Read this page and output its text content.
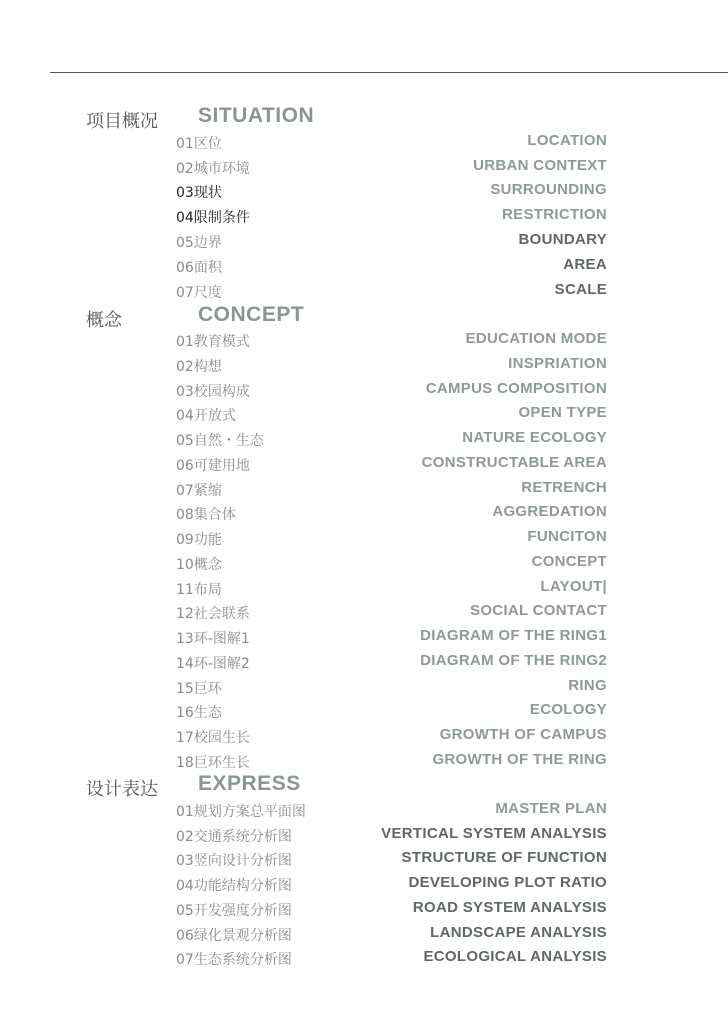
项目概况 SITUATION
01区位	LOCATION
02城市环境	URBAN CONTEXT
03现状	SURROUNDING
04限制条件	RESTRICTION
05边界	BOUNDARY
06面积	AREA
07尺度	SCALE
概念	CONCEPT
01教育模式	EDUCATION MODE
02构想	INSPRIATION
03校园构成	CAMPUS COMPOSITION
04开放式	OPEN TYPE
05自然・生态	NATURE ECOLOGY
06可建用地	CONSTRUCTABLE AREA
07紧缩	RETRENCH
08集合体	AGGREDATION
09功能	FUNCITON
10概念	CONCEPT
11布局	LAYOUT|
12社会联系	SOCIAL CONTACT
13环-图解1	DIAGRAM OF THE RING1
14环-图解2	DIAGRAM OF THE RING2
15巨环	RING
16生态	ECOLOGY
17校园生长	GROWTH OF CAMPUS
18巨环生长	GROWTH OF THE RING
设计表达 EXPRESS
01规划方案总平面图	MASTER PLAN
02交通系统分析图	VERTICAL SYSTEM ANALYSIS
03竖向设计分析图	STRUCTURE OF FUNCTION
04功能结构分析图	DEVELOPING PLOT RATIO
05开发强度分析图	ROAD SYSTEM ANALYSIS
06绿化景观分析图	LANDSCAPE ANALYSIS
07生态系统分析图	ECOLOGICAL ANALYSIS
